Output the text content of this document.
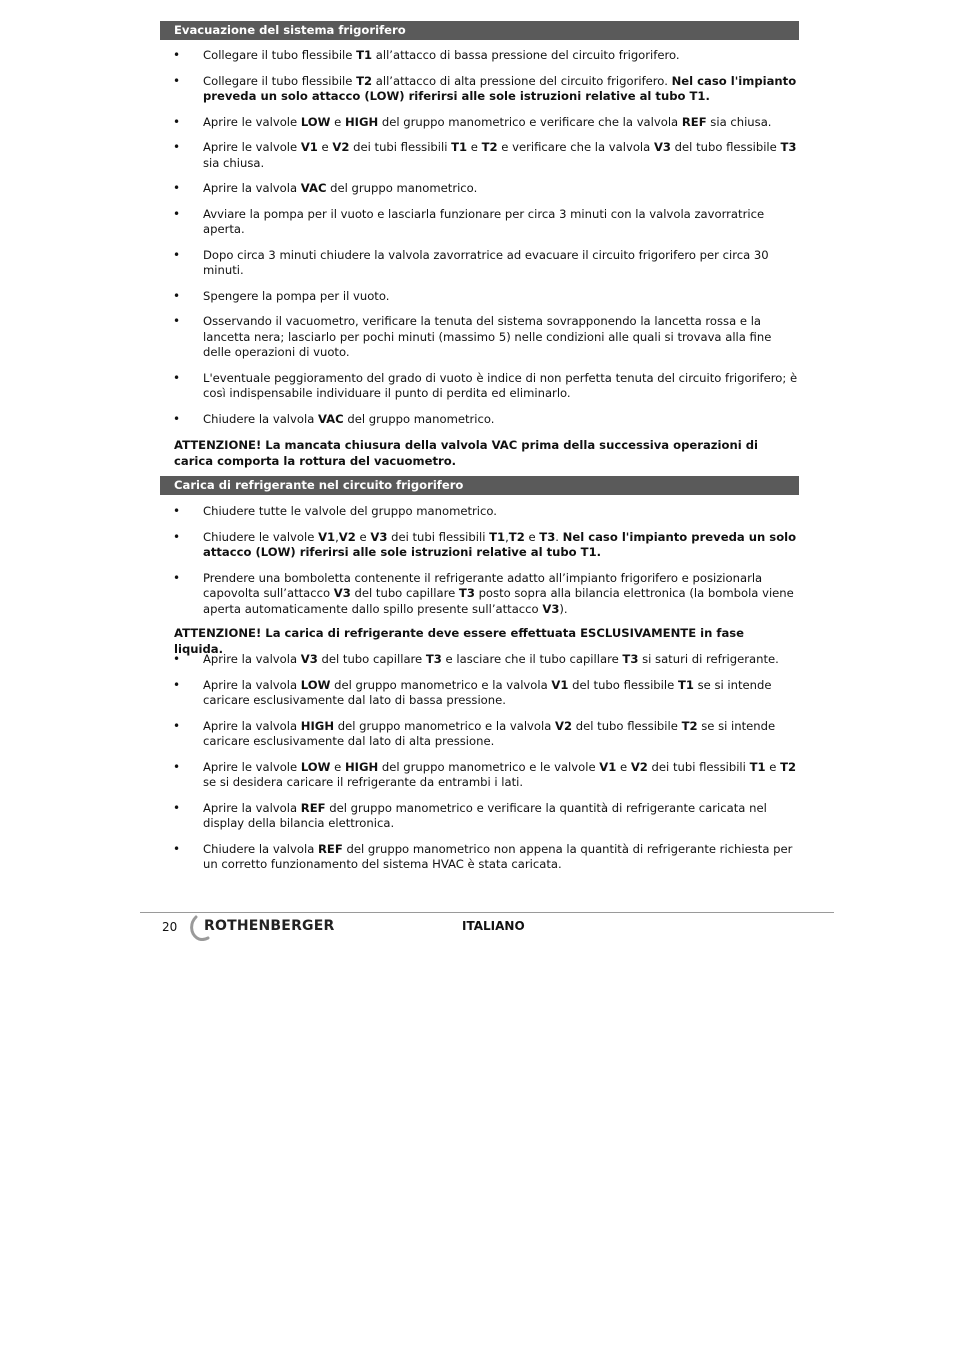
Evacuazione del sistema frigorifero
• Collegare il tubo flessibile T1 all’attacco di bassa pressione del circuito frigorifero.
• Collegare il tubo flessibile T2 all’attacco di alta pressione del circuito frigorifero. Nel caso l'impianto preveda un solo attacco (LOW) riferirsi alle sole istruzioni relative al tubo T1.
• Aprire le valvole LOW e HIGH del gruppo manometrico e verificare che la valvola REF sia chiusa.
• Aprire le valvole V1 e V2 dei tubi flessibili T1 e T2 e verificare che la valvola V3 del tubo flessibile T3 sia chiusa.
• Aprire la valvola VAC del gruppo manometrico.
• Avviare la pompa per il vuoto e lasciarla funzionare per circa 3 minuti con la valvola zavorratrice aperta.
• Dopo circa 3 minuti chiudere la valvola zavorratrice ad evacuare il circuito frigorifero per circa 30 minuti.
• Spengere la pompa per il vuoto.
• Osservando il vacuometro, verificare la tenuta del sistema sovrapponendo la lancetta rossa e la lancetta nera; lasciarlo per pochi minuti (massimo 5) nelle condizioni alle quali si trovava alla fine delle operazioni di vuoto.
• L'eventuale peggioramento del grado di vuoto è indice di non perfetta tenuta del circuito frigorifero; è così indispensabile individuare il punto di perdita ed eliminarlo.
• Chiudere la valvola VAC del gruppo manometrico.
ATTENZIONE! La mancata chiusura della valvola VAC prima della successiva operazioni di carica comporta la rottura del vacuometro.
Carica di refrigerante nel circuito frigorifero
• Chiudere tutte le valvole del gruppo manometrico.
• Chiudere le valvole V1,V2 e V3 dei tubi flessibili T1,T2 e T3. Nel caso l'impianto preveda un solo attacco (LOW) riferirsi alle sole istruzioni relative al tubo T1.
• Prendere una bomboletta contenente il refrigerante adatto all’impianto frigorifero e posizionarla capovolta sull’attacco V3 del tubo capillare T3 posto sopra alla bilancia elettronica (la bombola viene aperta automaticamente dallo spillo presente sull’attacco V3).
ATTENZIONE! La carica di refrigerante deve essere effettuata ESCLUSIVAMENTE in fase liquida.
• Aprire la valvola V3 del tubo capillare T3 e lasciare che il tubo capillare T3 si saturi di refrigerante.
• Aprire la valvola LOW del gruppo manometrico e la valvola V1 del tubo flessibile T1 se si intende caricare esclusivamente dal lato di bassa pressione.
• Aprire la valvola HIGH del gruppo manometrico e la valvola V2 del tubo flessibile T2 se si intende caricare esclusivamente dal lato di alta pressione.
• Aprire le valvole LOW e HIGH del gruppo manometrico e le valvole V1 e V2 dei tubi flessibili T1 e T2 se si desidera caricare il refrigerante da entrambi i lati.
• Aprire la valvola REF del gruppo manometrico e verificare la quantità di refrigerante caricata nel display della bilancia elettronica.
• Chiudere la valvola REF del gruppo manometrico non appena la quantità di refrigerante richiesta per un corretto funzionamento del sistema HVAC è stata caricata.
20 ROTHENBERGER	ITALIANO
